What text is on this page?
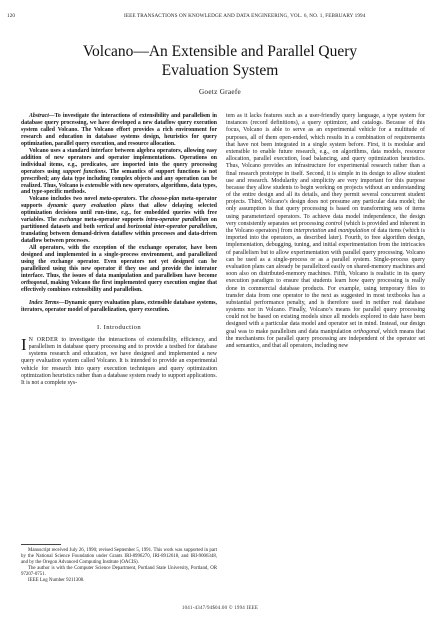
120	IEEE TRANSACTIONS ON KNOWLEDGE AND DATA ENGINEERING, VOL. 6, NO. 1, FEBRUARY 1994
Volcano—An Extensible and Parallel Query
Evaluation System
Goetz Graefe

Abstract—To investigate the interactions of extensibility and parallelism in database query processing, we have developed a new dataflow query execution system called Volcano. The Volcano effort provides a rich environment for research and education in database systems design, heuristics for query optimization, parallel query execution, and resource allocation.

Volcano uses a standard interface between algebra operators, allowing easy addition of new operators and operator implementations. Operations on individual items, e.g., predicates, are imported into the query processing operators using support functions. The semantics of support functions is not prescribed; any data type including complex objects and any operation can be realized. Thus, Volcano is extensible with new operators, algorithms, data types, and type-specific methods.

Volcano includes two novel meta-operators. The choose-plan meta-operator supports dynamic query evaluation plans that allow delaying selected optimization decisions until run-time, e.g., for embedded queries with free variables. The exchange meta-operator supports intra-operator parallelism on partitioned datasets and both vertical and horizontal inter-operator parallelism, translating between demand-driven dataflow within processes and data-driven dataflow between processes.

All operators, with the exception of the exchange operator, have been designed and implemented in a single-process environment, and parallelized using the exchange operator. Even operators not yet designed can be parallelized using this new operator if they use and provide the interator interface. Thus, the issues of data manipulation and parallelism have become orthogonal, making Volcano the first implemented query execution engine that effectively combines extensibility and parallelism.

Index Terms—Dynamic query evaluation plans, extensible database systems, iterators, operator model of parallelization, query execution.
I. Introduction

I N ORDER to investigate the interactions of extensibility, efficiency, and parallelism in database query processing and to provide a testbed for database systems research and education, we have designed and implemented a new query evaluation system called Volcano. It is intended to provide an experimental vehicle for research into query execution techniques and query optimization optimization heuristics rather than a database system ready to support applications. It is not a complete sys-

Manuscript received July 26, 1990; revised September 5, 1991. This work was supported in part by the National Science Foundation under Grants IRI-8996270, IRI-8912618, and IRI-9006348, and by the Oregon Advanced Computing Institute (OACIS).

The author is with the Computer Science Department, Portland State University, Portland, OR 97207-0751.

IEEE Log Number 9211308.

tem as it lacks features such as a user-friendly query language, a type system for instances (record definitions), a query optimizer, and catalogs. Because of this focus, Volcano is able to serve as an experimental vehicle for a multitude of purposes, all of them open-ended, which results in a combination of requirements that have not been integrated in a single system before. First, it is modular and extensible to enable future research, e.g., on algorithms, data models, resource allocation, parallel execution, load balancing, and query optimization heuristics. Thus, Volcano provides an infrastructure for experimental research rather than a final research prototype in itself. Second, it is simple in its design to allow student use and research. Modularity and simplicity are very important for this purpose because they allow students to begin working on projects without an understanding of the entire design and all its details, and they permit several concurrent student projects. Third, Volcano’s design does not presume any particular data model; the only assumption is that query processing is based on transforming sets of items using parameterized operators. To achieve data model independence, the design very consistently separates set processing control (which is provided and inherent in the Volcano operators) from interpretation and manipulation of data items (which is imported into the operators, as described later). Fourth, to free algorithm design, implementation, debugging, tuning, and initial experimentation from the intricacies of parallelism but to allow experimentation with parallel query processing. Volcano can be used as a single-process or as a parallel system. Single-process query evaluation plans can already be parallelized easily on shared-memory machines and soon also on distributed-memory machines. Fifth, Volcano is realistic in its query execution paradigm to ensure that students learn how query processing is really done in commercial database products. For example, using temporary files to transfer data from one operator to the next as suggested in most textbooks has a substantial performance penalty, and is therefore used in neither real database systems nor in Volcano. Finally, Volcano’s means for parallel query processing could not be based on existing models since all models explored to date have been designed with a particular data model and operator set in mind. Instead, our design goal was to make parallelism and data manipulation orthogonal, which means that the mechanisms for parallel query processing are independent of the operator set and semantics, and that all operators, including new

1041-4347/94$04.00 © 1994 IEEE
